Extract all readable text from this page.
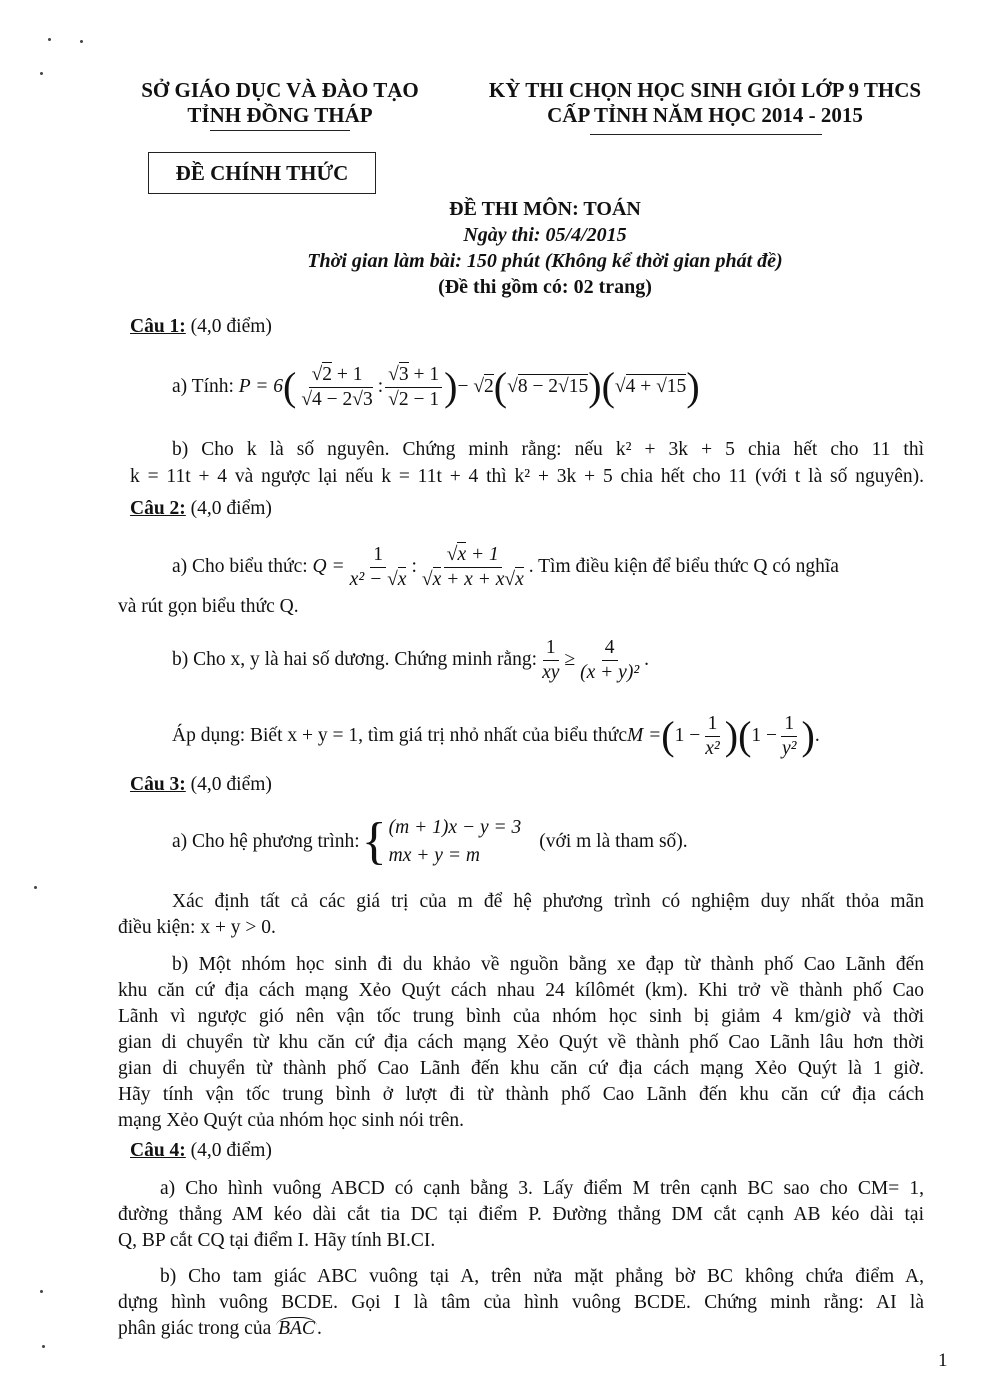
SỞ GIÁO DỤC VÀ ĐÀO TẠO
TỈNH ĐỒNG THÁP
KỲ THI CHỌN HỌC SINH GIỎI LỚP 9 THCS
CẤP TỈNH NĂM HỌC 2014 - 2015
ĐỀ CHÍNH THỨC
ĐỀ THI MÔN: TOÁN
Ngày thi: 05/4/2015
Thời gian làm bài: 150 phút (Không kể thời gian phát đề)
(Đề thi gồm có: 02 trang)
Câu 1: (4,0 điểm)
a) Tính: P = 6 ( $\frac{√2 + 1}{√4 - 2√3}$ : $\frac{√3 + 1}{√2 - 1}$ ) − √2 ( √8 − 2√15 )( √4 + √15 )
b) Cho k là số nguyên. Chứng minh rằng: nếu k² + 3k + 5 chia hết cho 11 thì
k = 11t + 4 và ngược lại nếu k = 11t + 4 thì k² + 3k + 5 chia hết cho 11 (với t là số nguyên).
Câu 2: (4,0 điểm)
a) Cho biểu thức: $Q = \frac{1}{\text{x² − √x}}$ : $\frac{√x + 1}{√x + x + x√x}$ . Tìm điều kiện để biểu thức Q có nghĩa
và rút gọn biểu thức Q.
b) Cho x, y là hai số dương. Chứng minh rằng: $\frac{1}{xy} \ge \frac{4}{\text{(x + y)²}}$ .
Áp dụng: Biết x + y = 1, tìm giá trị nhỏ nhất của biểu thức M = ( $1 - \frac{1}{\text{x²}}$ )( $1 - \frac{1}{\text{y²}}$ ) .
Câu 3: (4,0 điểm)
a) Cho hệ phương trình: { (m + 1)x − y = 3
mx + y = m
(với m là tham số).
Xác định tất cả các giá trị của m để hệ phương trình có nghiệm duy nhất thỏa mãn
điều kiện: x + y > 0.
b) Một nhóm học sinh đi du khảo về nguồn bằng xe đạp từ thành phố Cao Lãnh đến
khu căn cứ địa cách mạng Xẻo Quýt cách nhau 24 kílômét (km). Khi trở về thành phố Cao
Lãnh vì ngược gió nên vận tốc trung bình của nhóm học sinh bị giảm 4 km/giờ và thời
gian di chuyển từ khu căn cứ địa cách mạng Xẻo Quýt về thành phố Cao Lãnh lâu hơn thời
gian di chuyển từ thành phố Cao Lãnh đến khu căn cứ địa cách mạng Xẻo Quýt là 1 giờ.
Hãy tính vận tốc trung bình ở lượt đi từ thành phố Cao Lãnh đến khu căn cứ địa cách
mạng Xẻo Quýt của nhóm học sinh nói trên.
Câu 4: (4,0 điểm)
a) Cho hình vuông ABCD có cạnh bằng 3. Lấy điểm M trên cạnh BC sao cho CM= 1,
đường thẳng AM kéo dài cắt tia DC tại điểm P. Đường thẳng DM cắt cạnh AB kéo dài tại
Q, BP cắt CQ tại điểm I. Hãy tính BI.CI.
b) Cho tam giác ABC vuông tại A, trên nửa mặt phẳng bờ BC không chứa điểm A,
dựng hình vuông BCDE. Gọi I là tâm của hình vuông BCDE. Chứng minh rằng: AI là
phân giác trong của BAC .
1
